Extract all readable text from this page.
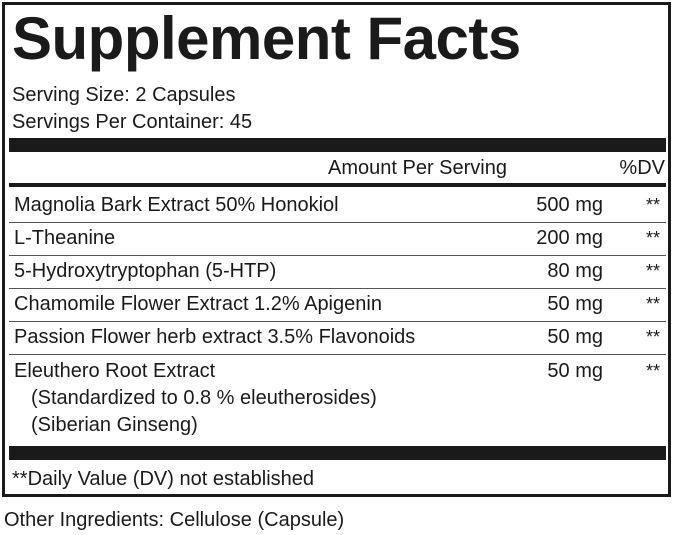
Supplement Facts
Serving Size: 2 Capsules
Servings Per Container: 45
Amount Per Serving	%DV
Magnolia Bark Extract 50% Honokiol	500 mg **
L-Theanine	200 mg **
5-Hydroxytryptophan (5-HTP)	80 mg **
Chamomile Flower Extract 1.2% Apigenin	50 mg **
Passion Flower herb extract 3.5% Flavonoids	50 mg **
Eleuthero Root Extract	50 mg **
(Standardized to 0.8 % eleutherosides)
(Siberian Ginseng)
**Daily Value (DV) not established
Other Ingredients: Cellulose (Capsule)
